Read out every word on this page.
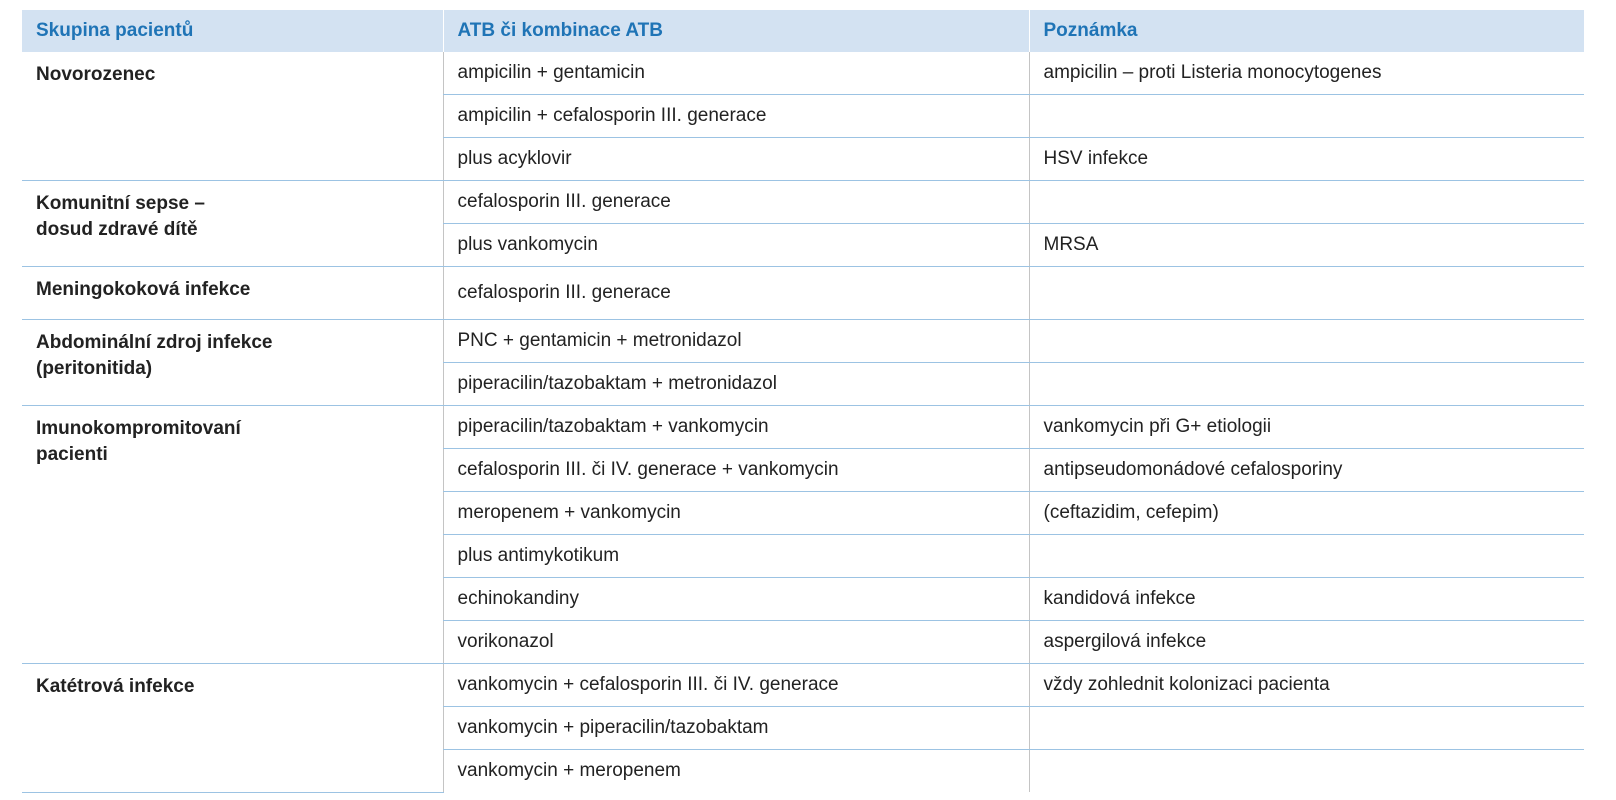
Skupina pacientů	ATB či kombinace ATB	Poznámka

Novorozenec	ampicilin + gentamicin	ampicilin – proti Listeria monocytogenes
	ampicilin + cefalosporin III. generace	
	plus acyklovir	HSV infekce

Komunitní sepse –
dosud zdravé dítě	cefalosporin III. generace	
	plus vankomycin	MRSA

Meningokoková infekce	cefalosporin III. generace	

Abdominální zdroj infekce
(peritonitida)	PNC + gentamicin + metronidazol	
	piperacilin/tazobaktam + metronidazol	

Imunokompromitovaní
pacienti	piperacilin/tazobaktam + vankomycin	vankomycin při G+ etiologii
	cefalosporin III. či IV. generace + vankomycin	antipseudomonádové cefalosporiny
	meropenem + vankomycin	(ceftazidim, cefepim)
	plus antimykotikum	
	echinokandiny	kandidová infekce
	vorikonazol	aspergilová infekce

Katétrová infekce	vankomycin + cefalosporin III. či IV. generace	vždy zohlednit kolonizaci pacienta
	vankomycin + piperacilin/tazobaktam	
	vankomycin + meropenem	
